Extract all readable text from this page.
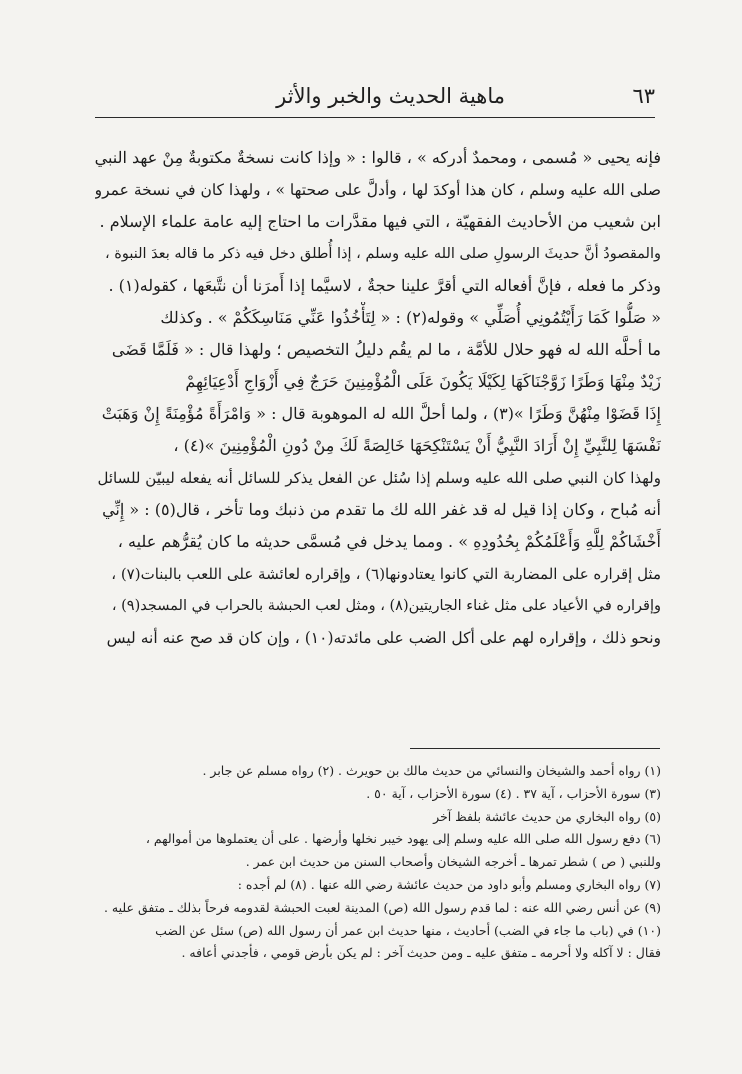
ماهية الحديث والخبر والأثر	٦٣
فإنه يحيى « مُسمى ، ومحمدٌ أدركه » ، قالوا : « وإذا كانت نسخةٌ مكتوبةٌ مِنْ عهد النبي
صلى الله عليه وسلم ، كان هذا أوكدَ لها ، وأدلَّ على صحتها » ، ولهذا كان في نسخة عمرو
ابن شعيب من الأحاديث الفقهيّة ، التي فيها مقدَّرات ما احتاج إليه عامة علماء الإسلام .
والمقصودُ أنَّ حديثَ الرسولِ صلى الله عليه وسلم ، إذا أُطلق دخل فيه ذكر ما قاله بعدَ النبوة ،
وذكر ما فعله ، فإنَّ أفعاله التي أقرَّ علينا حجةٌ ، لاسيَّما إذا أَمرَنا أن نتَّبعَها ، كقوله(١) .
« صَلُّوا كَمَا رَأَيْتُمُونِي أُصَلِّي » وقوله(٢) : « لِتَأْخُذُوا عَنِّي مَنَاسِكَكُمْ » . وكذلك
ما أحلَّه الله له فهو حلال للأمَّة ، ما لم يقُم دليلُ التخصيص ؛ ولهذا قال : « فَلَمَّا قَضَى
زَيْدٌ مِنْهَا وَطَرًا زَوَّجْنَاكَهَا لِكَيْلَا يَكُونَ عَلَى الْمُؤْمِنِينَ حَرَجٌ فِي أَزْوَاجِ أَدْعِيَائِهِمْ
إِذَا قَضَوْا مِنْهُنَّ وَطَرًا »(٣) ، ولما أحلَّ الله له الموهوبة قال : « وَامْرَأَةً مُؤْمِنَةً إِنْ وَهَبَتْ
نَفْسَهَا لِلنَّبِيِّ إِنْ أَرَادَ النَّبِيُّ أَنْ يَسْتَنْكِحَهَا خَالِصَةً لَكَ مِنْ دُونِ الْمُؤْمِنِينَ »(٤) ،
ولهذا كان النبي صلى الله عليه وسلم إذا سُئل عن الفعل يذكر للسائل أنه يفعله ليبيّن للسائل
أنه مُباح ، وكان إذا قيل له قد غفر الله لك ما تقدم من ذنبك وما تأخر ، قال(٥) : « إِنِّي
أَخْشَاكُمْ لِلَّهِ وَأَعْلَمُكُمْ بِحُدُودِهِ » . ومما يدخل في مُسمَّى حديثه ما كان يُقرُّهم عليه ،
مثل إقراره على المضاربة التي كانوا يعتادونها(٦) ، وإقراره لعائشة على اللعب بالبنات(٧) ،
وإقراره في الأعياد على مثل غناء الجاريتين(٨) ، ومثل لعب الحبشة بالحراب في المسجد(٩) ،
ونحو ذلك ، وإقراره لهم على أكل الضب على مائدته(١٠) ، وإن كان قد صح عنه أنه ليس
(١) رواه أحمد والشيخان والنسائي من حديث مالك بن حويرث . (٢) رواه مسلم عن جابر .
(٣) سورة الأحزاب ، آية ٣٧ . (٤) سورة الأحزاب ، آية ٥٠ .
(٥) رواه البخاري من حديث عائشة بلفظ آخر
(٦) دفع رسول الله صلى الله عليه وسلم إلى يهود خيبر نخلها وأرضها . على أن يعتملوها من أموالهم ،
وللنبي ( ص ) شطر تمرها ـ أخرجه الشيخان وأصحاب السنن من حديث ابن عمر .
(٧) رواه البخاري ومسلم وأبو داود من حديث عائشة رضي الله عنها . (٨) لم أجده :
(٩) عن أنس رضي الله عنه : لما قدم رسول الله (ص) المدينة لعبت الحبشة لقدومه فرحاً بذلك ـ متفق عليه .
(١٠) في (باب ما جاء في الضب) أحاديث ، منها حديث ابن عمر أن رسول الله (ص) سئل عن الضب
فقال : لا آكله ولا أحرمه ـ متفق عليه ـ ومن حديث آخر : لم يكن بأرض قومي ، فأجدني أعافه .
